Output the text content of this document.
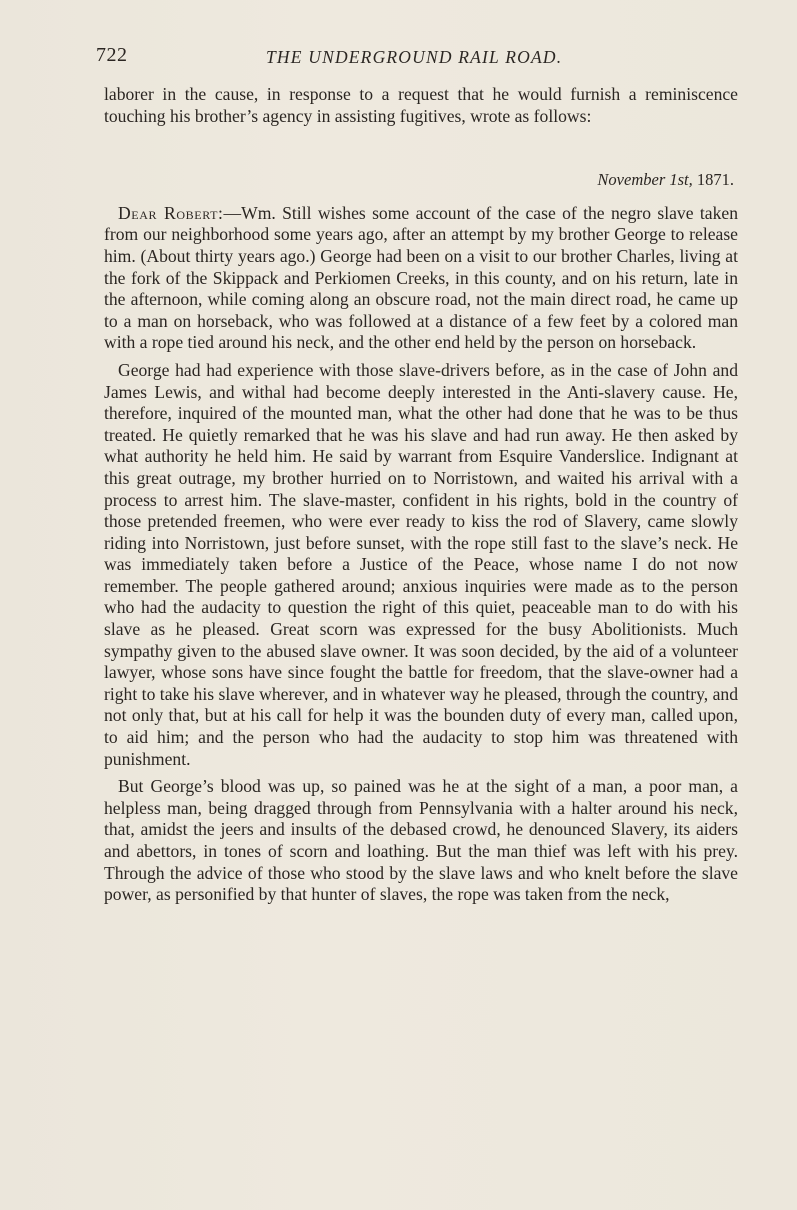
722	THE UNDERGROUND RAIL ROAD.

laborer in the cause, in response to a request that he would furnish a reminiscence touching his brother’s agency in assisting fugitives, wrote as follows:

November 1st, 1871.

Dear Robert:—Wm. Still wishes some account of the case of the negro slave taken from our neighborhood some years ago, after an attempt by my brother George to release him. (About thirty years ago.) George had been on a visit to our brother Charles, living at the fork of the Skippack and Perkiomen Creeks, in this county, and on his return, late in the afternoon, while coming along an obscure road, not the main direct road, he came up to a man on horseback, who was followed at a distance of a few feet by a colored man with a rope tied around his neck, and the other end held by the person on horseback.

George had had experience with those slave-drivers before, as in the case of John and James Lewis, and withal had become deeply interested in the Anti-slavery cause. He, therefore, inquired of the mounted man, what the other had done that he was to be thus treated. He quietly remarked that he was his slave and had run away. He then asked by what authority he held him. He said by warrant from Esquire Vanderslice. Indignant at this great outrage, my brother hurried on to Norristown, and waited his arrival with a process to arrest him. The slave-master, confident in his rights, bold in the country of those pretended freemen, who were ever ready to kiss the rod of Slavery, came slowly riding into Norristown, just before sunset, with the rope still fast to the slave’s neck. He was immediately taken before a Justice of the Peace, whose name I do not now remember. The people gathered around; anxious inquiries were made as to the person who had the audacity to question the right of this quiet, peaceable man to do with his slave as he pleased. Great scorn was expressed for the busy Abolitionists. Much sympathy given to the abused slave owner. It was soon decided, by the aid of a volunteer lawyer, whose sons have since fought the battle for freedom, that the slave-owner had a right to take his slave wherever, and in whatever way he pleased, through the country, and not only that, but at his call for help it was the bounden duty of every man, called upon, to aid him; and the person who had the audacity to stop him was threatened with punishment.

But George’s blood was up, so pained was he at the sight of a man, a poor man, a helpless man, being dragged through from Pennsylvania with a halter around his neck, that, amidst the jeers and insults of the debased crowd, he denounced Slavery, its aiders and abettors, in tones of scorn and loathing. But the man thief was left with his prey. Through the advice of those who stood by the slave laws and who knelt before the slave power, as personified by that hunter of slaves, the rope was taken from the neck,
